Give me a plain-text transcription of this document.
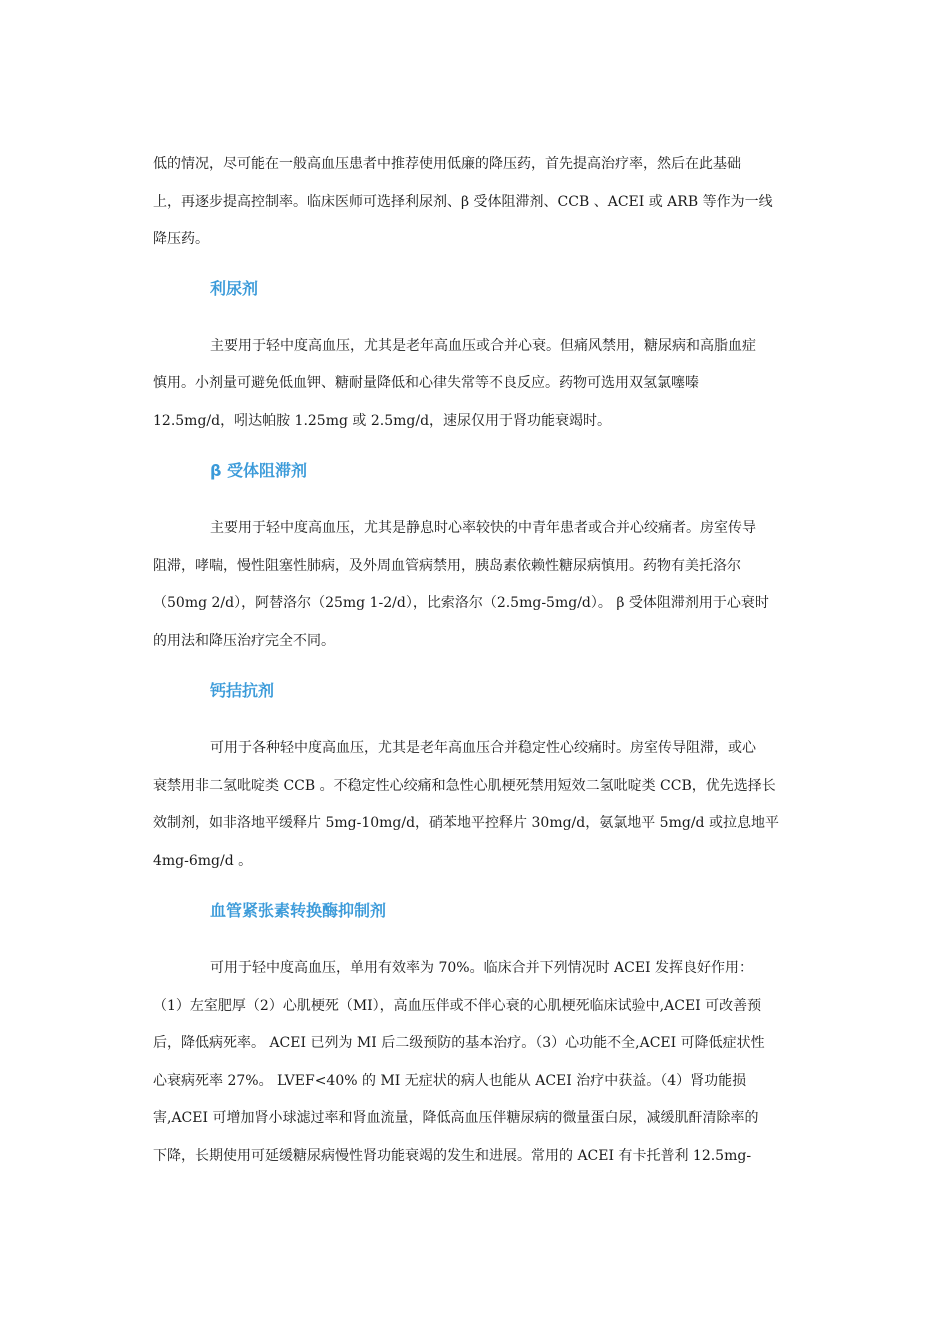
低的情况，尽可能在一般高血压患者中推荐使用低廉的降压药，首先提高治疗率，然后在此基础
上，再逐步提高控制率。临床医师可选择利尿剂、β 受体阻滞剂、CCB 、ACEI 或 ARB 等作为一线
降压药。
利尿剂
主要用于轻中度高血压，尤其是老年高血压或合并心衰。但痛风禁用，糖尿病和高脂血症
慎用。小剂量可避免低血钾、糖耐量降低和心律失常等不良反应。药物可选用双氢氯噻嗪
12.5mg/d，吲达帕胺 1.25mg 或 2.5mg/d，速尿仅用于肾功能衰竭时。
β 受体阻滞剂
主要用于轻中度高血压，尤其是静息时心率较快的中青年患者或合并心绞痛者。房室传导
阻滞，哮喘，慢性阻塞性肺病，及外周血管病禁用，胰岛素依赖性糖尿病慎用。药物有美托洛尔
（50mg 2/d），阿替洛尔（25mg 1-2/d），比索洛尔（2.5mg-5mg/d）。 β 受体阻滞剂用于心衰时
的用法和降压治疗完全不同。
钙拮抗剂
可用于各种轻中度高血压，尤其是老年高血压合并稳定性心绞痛时。房室传导阻滞，或心
衰禁用非二氢吡啶类 CCB 。不稳定性心绞痛和急性心肌梗死禁用短效二氢吡啶类 CCB，优先选择长
效制剂，如非洛地平缓释片 5mg-10mg/d，硝苯地平控释片 30mg/d，氨氯地平 5mg/d 或拉息地平
4mg-6mg/d 。
血管紧张素转换酶抑制剂
可用于轻中度高血压，单用有效率为 70%。临床合并下列情况时 ACEI 发挥良好作用：
（1）左室肥厚（2）心肌梗死（MI），高血压伴或不伴心衰的心肌梗死临床试验中,ACEI 可改善预
后，降低病死率。 ACEI 已列为 MI 后二级预防的基本治疗。（3）心功能不全,ACEI 可降低症状性
心衰病死率 27%。 LVEF<40% 的 MI 无症状的病人也能从 ACEI 治疗中获益。（4）肾功能损
害,ACEI 可增加肾小球滤过率和肾血流量，降低高血压伴糖尿病的微量蛋白尿，减缓肌酐清除率的
下降，长期使用可延缓糖尿病慢性肾功能衰竭的发生和进展。常用的 ACEI 有卡托普利 12.5mg-
